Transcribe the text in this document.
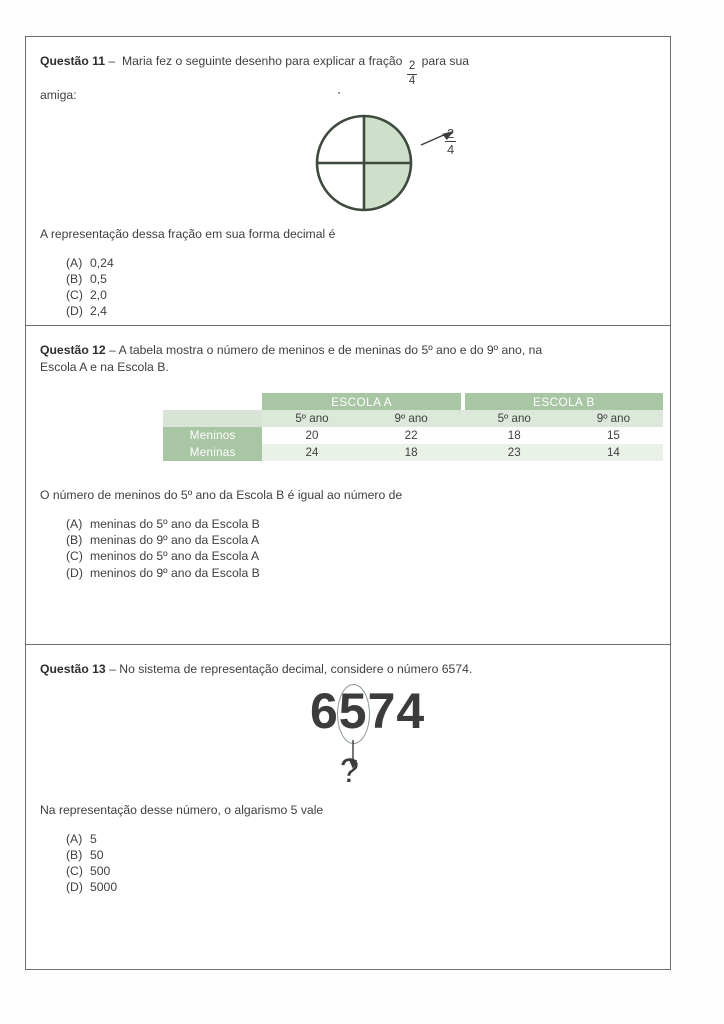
Questão 11 – Maria fez o seguinte desenho para explicar a fração
$\frac{2}{4}$
para sua
amiga:
$\frac{2}{4}$
A representação dessa fração em sua forma decimal é
(A) 0,24
(B) 0,5
(C) 2,0
(D) 2,4
Questão 12 – A tabela mostra o número de meninos e de meninas do 5º ano e do 9º ano, na
Escola A e na Escola B.
	ESCOLA A			ESCOLA B	
	5º ano	9º ano		5º ano	9º ano
Meninos	20	22		18	15
Meninas	24	18		23	14
O número de meninos do 5º ano da Escola B é igual ao número de
(A) meninas do 5º ano da Escola B
(B) meninas do 9º ano da Escola A
(C) meninos do 5º ano da Escola A
(D) meninos do 9º ano da Escola B
Questão 13 – No sistema de representação decimal, considere o número 6574.
6574
?
Na representação desse número, o algarismo 5 vale
(A) 5
(B) 50
(C) 500
(D) 5000
